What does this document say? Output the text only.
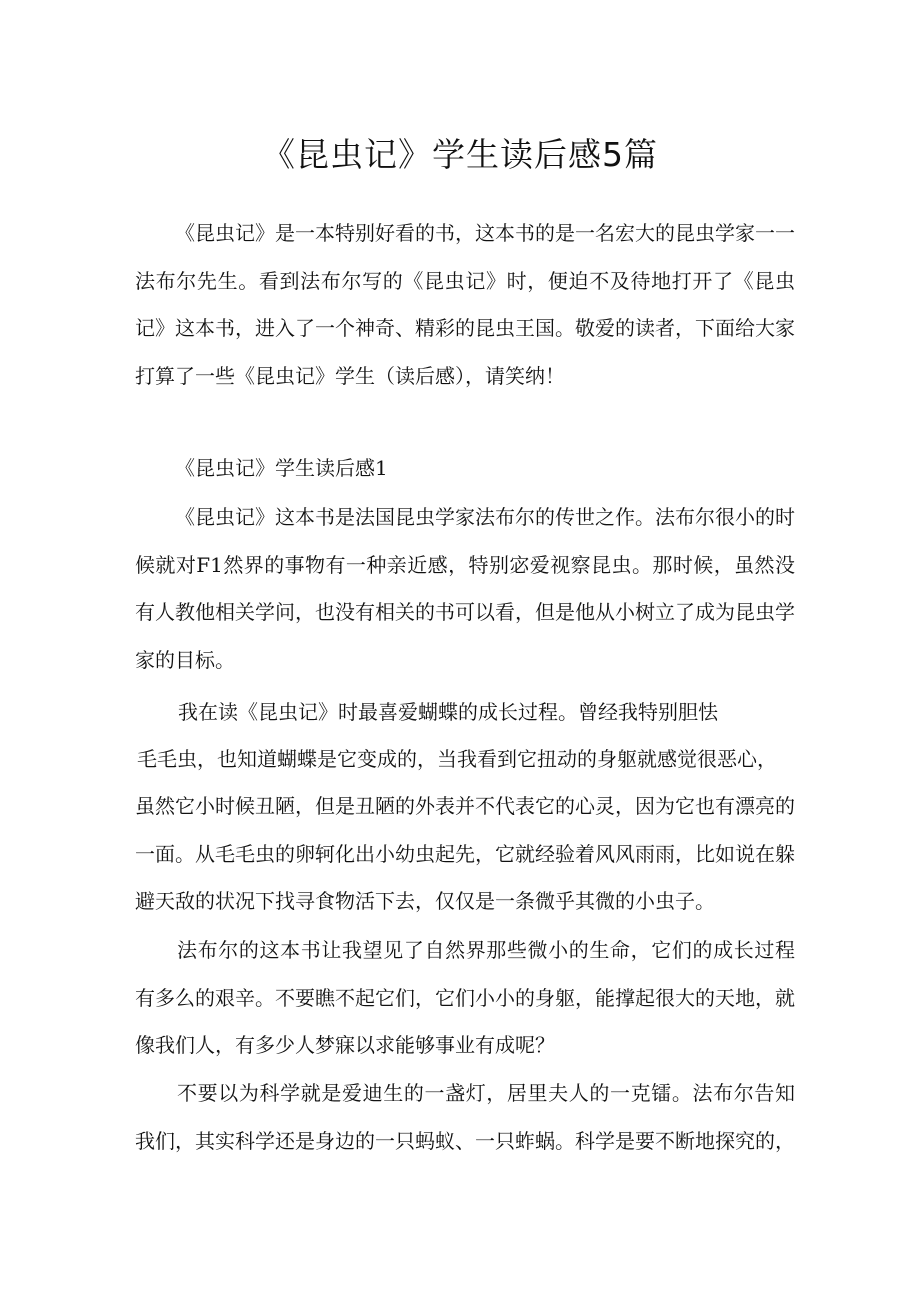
《昆虫记》学生读后感5篇

《昆虫记》是一本特别好看的书，这本书的是一名宏大的昆虫学家一一法布尔先生。看到法布尔写的《昆虫记》时，便迫不及待地打开了《昆虫记》这本书，进入了一个神奇、精彩的昆虫王国。敬爱的读者，下面给大家打算了一些《昆虫记》学生（读后感），请笑纳！

《昆虫记》学生读后感1

《昆虫记》这本书是法国昆虫学家法布尔的传世之作。法布尔很小的时候就对F1然界的事物有一种亲近感，特别宓爱视察昆虫。那时候，虽然没有人教他相关学问，也没有相关的书可以看，但是他从小树立了成为昆虫学家的目标。

我在读《昆虫记》时最喜爱蝴蝶的成长过程。曾经我特别胆怯
毛毛虫，也知道蝴蝶是它变成的，当我看到它扭动的身躯就感觉很恶心，

虽然它小时候丑陋，但是丑陋的外表并不代表它的心灵，因为它也有漂亮的一面。从毛毛虫的卵轲化出小幼虫起先，它就经验着风风雨雨，比如说在躲避天敌的状况下找寻食物活下去，仅仅是一条微乎其微的小虫子。

法布尔的这本书让我望见了自然界那些微小的生命，它们的成长过程有多么的艰辛。不要瞧不起它们，它们小小的身躯，能撑起很大的天地，就像我们人，有多少人梦寐以求能够事业有成呢？

不要以为科学就是爱迪生的一盏灯，居里夫人的一克镭。法布尔告知我们，其实科学还是身边的一只蚂蚁、一只蚱蜗。科学是要不断地探究的，
